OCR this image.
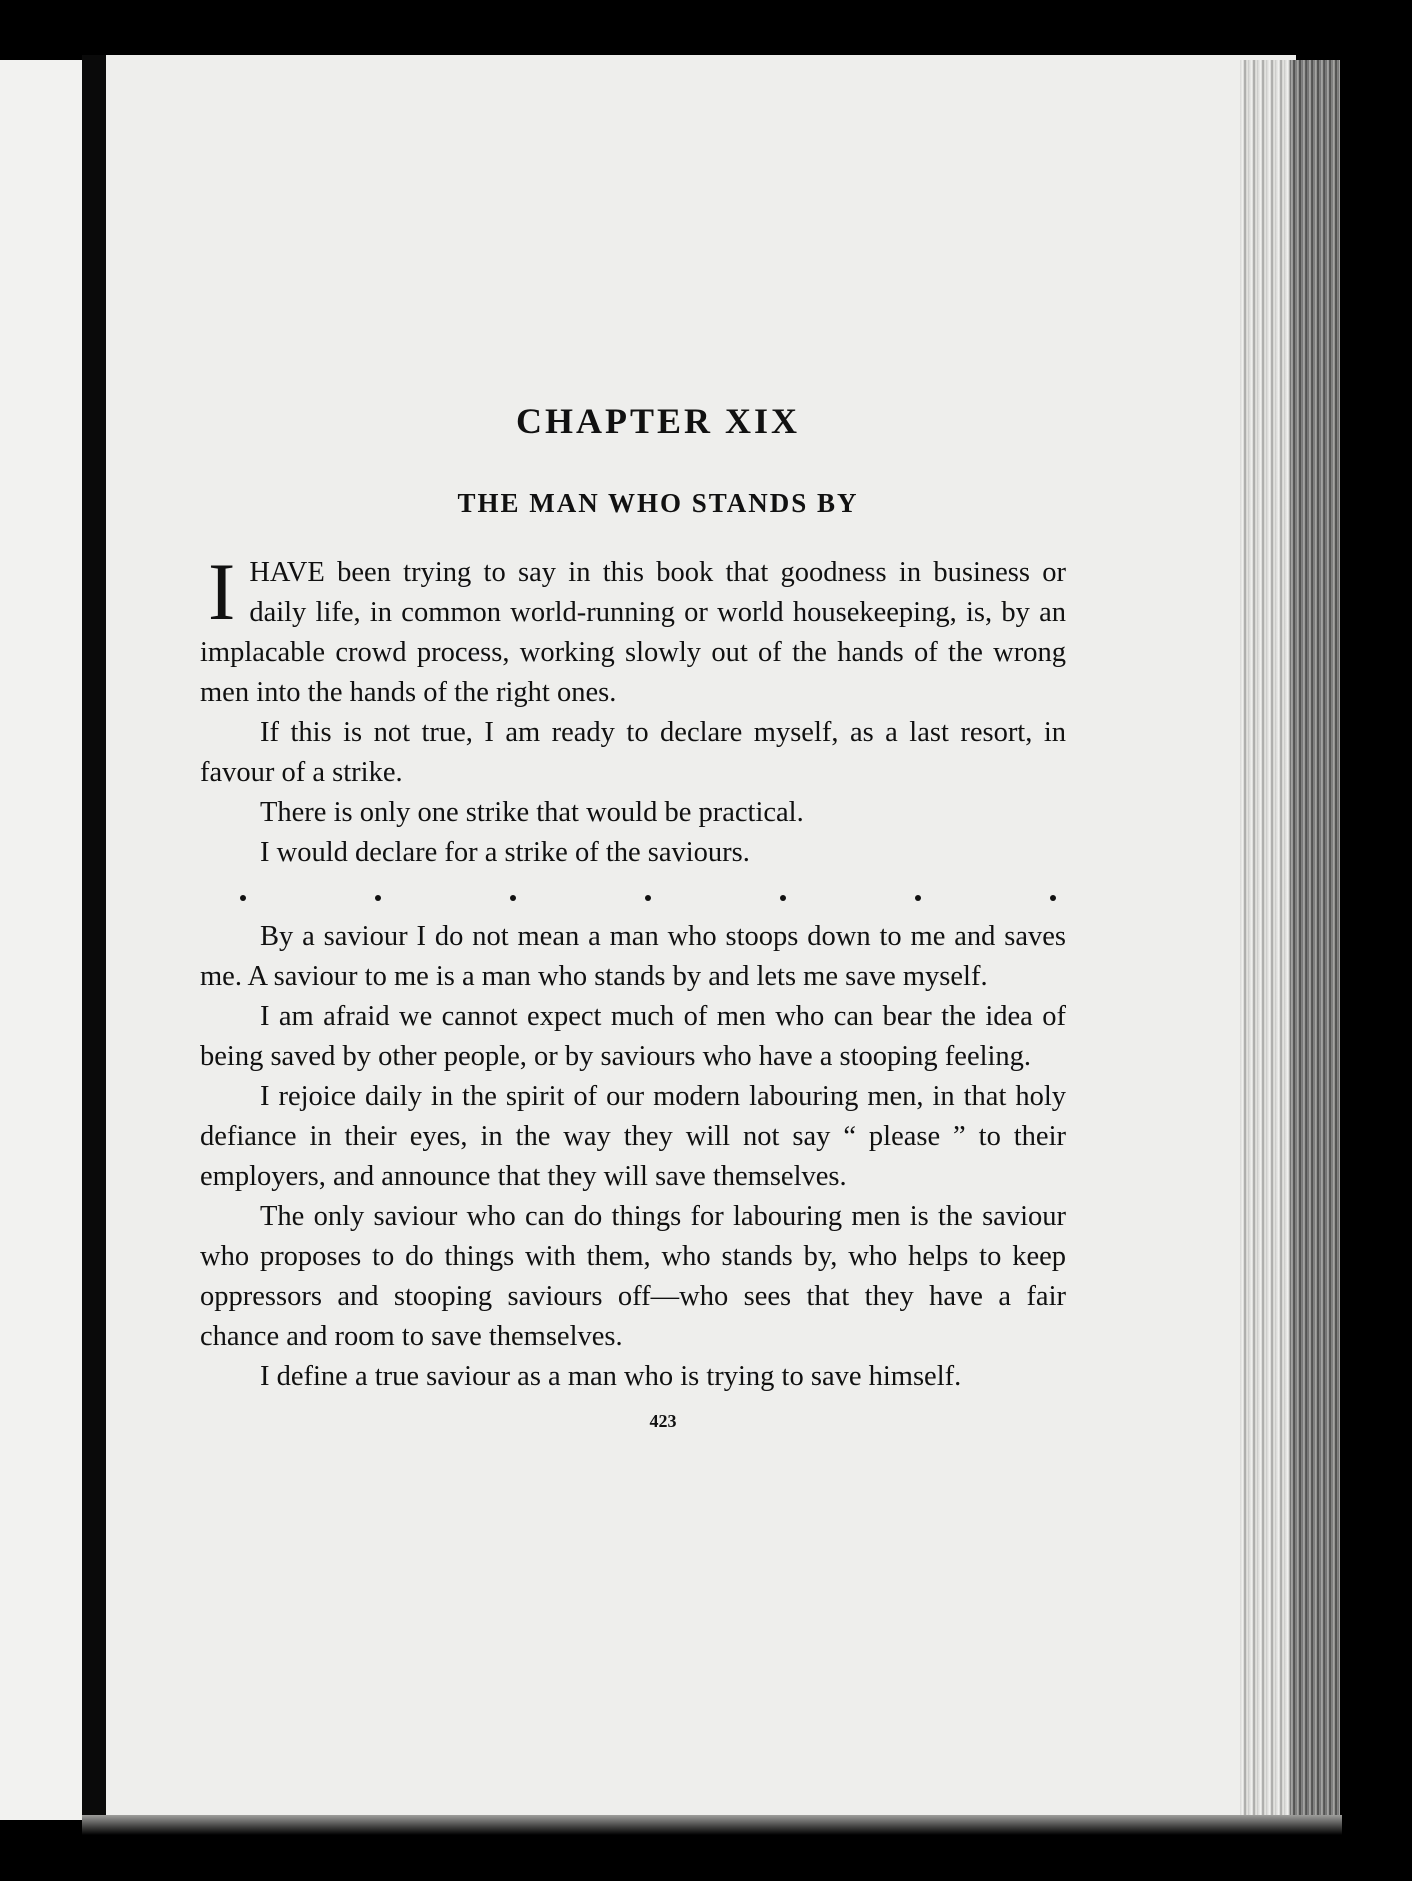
CHAPTER XIX
THE MAN WHO STANDS BY

IHAVE been trying to say in this book that goodness in business or daily life, in common world-running or world housekeeping, is, by an implacable crowd process, working slowly out of the hands of the wrong men into the hands of the right ones.

If this is not true, I am ready to declare myself, as a last resort, in favour of a strike.

There is only one strike that would be practical.

I would declare for a strike of the saviours.

By a saviour I do not mean a man who stoops down to me and saves me. A saviour to me is a man who stands by and lets me save myself.

I am afraid we cannot expect much of men who can bear the idea of being saved by other people, or by saviours who have a stooping feeling.

I rejoice daily in the spirit of our modern labouring men, in that holy defiance in their eyes, in the way they will not say “ please ” to their employers, and announce that they will save themselves.

The only saviour who can do things for labouring men is the saviour who proposes to do things with them, who stands by, who helps to keep oppressors and stooping saviours off—who sees that they have a fair chance and room to save themselves.

I define a true saviour as a man who is trying to save himself.

423
